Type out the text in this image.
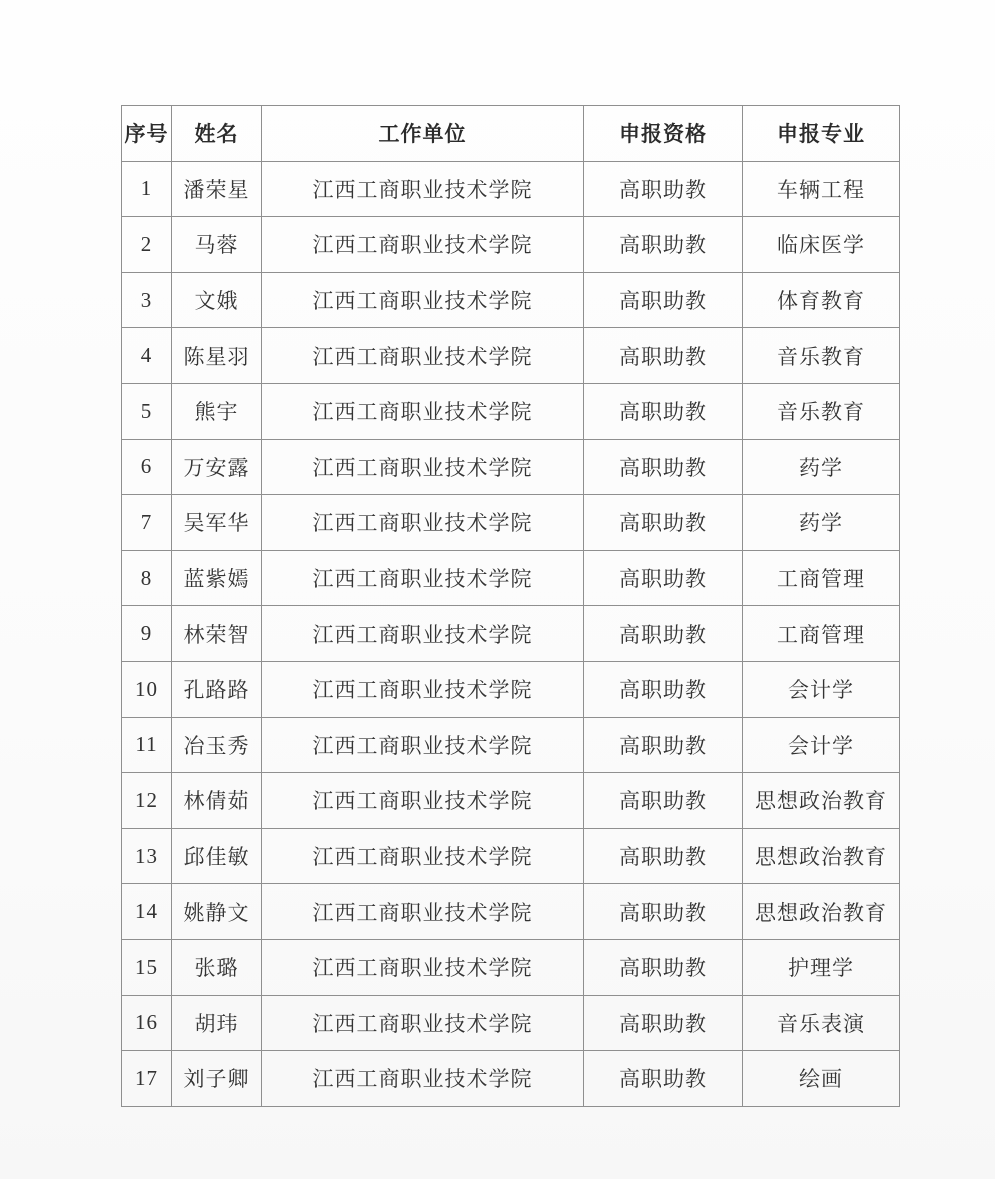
序号	姓名	工作单位	申报资格	申报专业
1	潘荣星	江西工商职业技术学院	高职助教	车辆工程
2	马蓉	江西工商职业技术学院	高职助教	临床医学
3	文娥	江西工商职业技术学院	高职助教	体育教育
4	陈星羽	江西工商职业技术学院	高职助教	音乐教育
5	熊宇	江西工商职业技术学院	高职助教	音乐教育
6	万安露	江西工商职业技术学院	高职助教	药学
7	吴军华	江西工商职业技术学院	高职助教	药学
8	蓝紫嫣	江西工商职业技术学院	高职助教	工商管理
9	林荣智	江西工商职业技术学院	高职助教	工商管理
10	孔路路	江西工商职业技术学院	高职助教	会计学
11	冶玉秀	江西工商职业技术学院	高职助教	会计学
12	林倩茹	江西工商职业技术学院	高职助教	思想政治教育
13	邱佳敏	江西工商职业技术学院	高职助教	思想政治教育
14	姚静文	江西工商职业技术学院	高职助教	思想政治教育
15	张璐	江西工商职业技术学院	高职助教	护理学
16	胡玮	江西工商职业技术学院	高职助教	音乐表演
17	刘子卿	江西工商职业技术学院	高职助教	绘画
